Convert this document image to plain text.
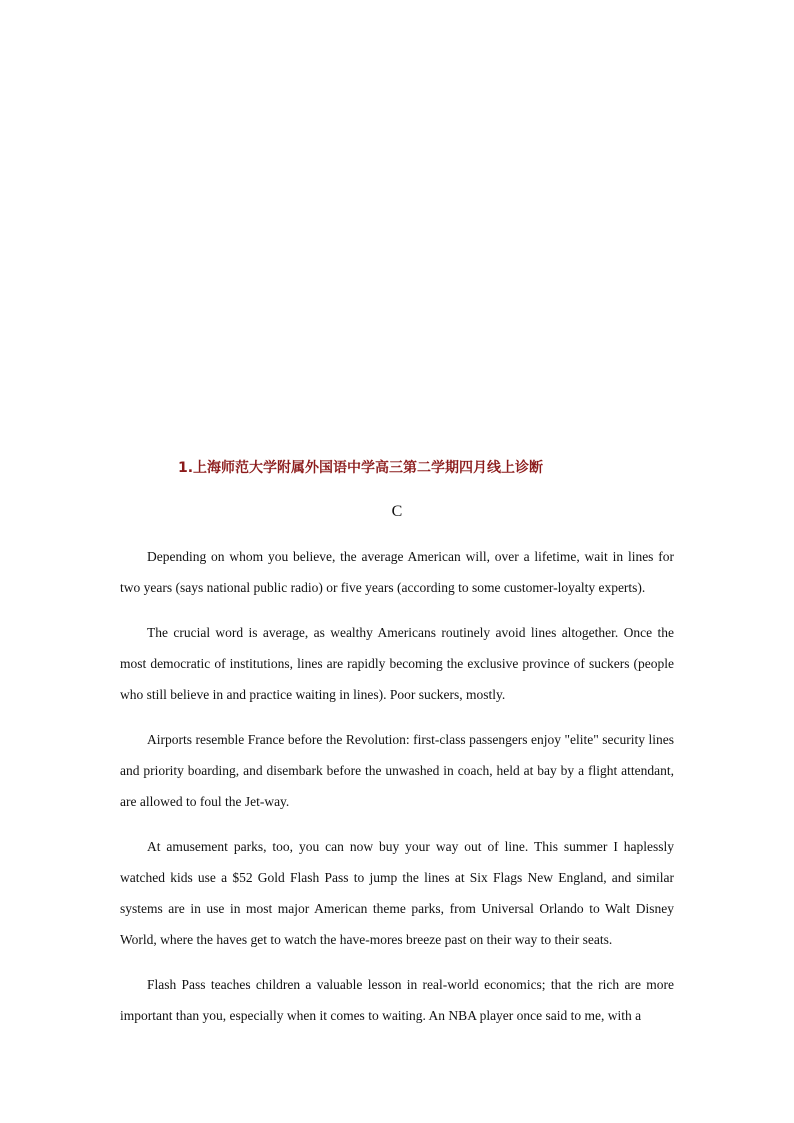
1.上海师范大学附属外国语中学高三第二学期四月线上诊断
C

Depending on whom you believe, the average American will, over a lifetime, wait in lines for two years (says national public radio) or five years (according to some customer-loyalty experts).

The crucial word is average, as wealthy Americans routinely avoid lines altogether. Once the most democratic of institutions, lines are rapidly becoming the exclusive province of suckers (people who still believe in and practice waiting in lines). Poor suckers, mostly.

Airports resemble France before the Revolution: first-class passengers enjoy "elite" security lines and priority boarding, and disembark before the unwashed in coach, held at bay by a flight attendant, are allowed to foul the Jet-way.

At amusement parks, too, you can now buy your way out of line. This summer I haplessly watched kids use a $52 Gold Flash Pass to jump the lines at Six Flags New England, and similar systems are in use in most major American theme parks, from Universal Orlando to Walt Disney World, where the haves get to watch the have-mores breeze past on their way to their seats.

Flash Pass teaches children a valuable lesson in real-world economics; that the rich are more important than you, especially when it comes to waiting. An NBA player once said to me, with a
